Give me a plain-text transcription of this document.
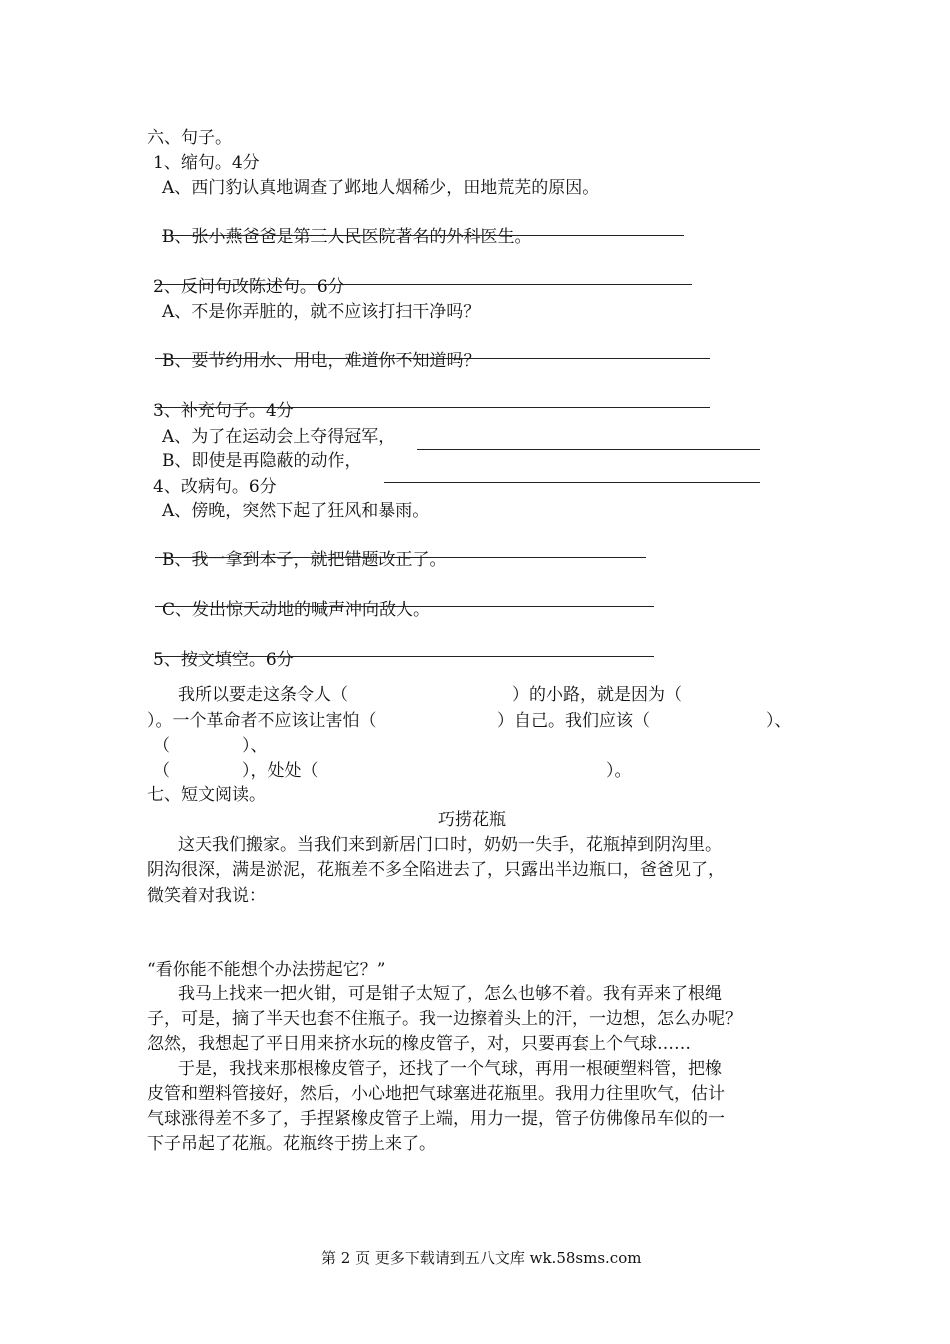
六、句子。
1、缩句。4分
A、西门豹认真地调查了邺地人烟稀少，田地荒芜的原因。
B、张小燕爸爸是第三人民医院著名的外科医生。
2、反问句改陈述句。6分
A、不是你弄脏的，就不应该打扫干净吗？
B、要节约用水、用电，难道你不知道吗？
3、补充句子。4分
A、为了在运动会上夺得冠军，
B、即使是再隐蔽的动作，
4、改病句。6分
A、傍晚，突然下起了狂风和暴雨。
B、我一拿到本子，就把错题改正了。
C、发出惊天动地的喊声冲向敌人。
5、按文填空。6分
我所以要走这条令人（	）的小路，就是因为（
）。一个革命者不应该让害怕（	）自己。我们应该（	）、
（	）、
（	），处处（	）。
七、短文阅读。
巧捞花瓶
这天我们搬家。当我们来到新居门口时，奶奶一失手，花瓶掉到阴沟里。
阴沟很深，满是淤泥，花瓶差不多全陷进去了，只露出半边瓶口，爸爸见了，
微笑着对我说：
“看你能不能想个办法捞起它？”
我马上找来一把火钳，可是钳子太短了，怎么也够不着。我有弄来了根绳
子，可是，摘了半天也套不住瓶子。我一边擦着头上的汗，一边想，怎么办呢？
忽然，我想起了平日用来挤水玩的橡皮管子，对，只要再套上个气球……
于是，我找来那根橡皮管子，还找了一个气球，再用一根硬塑料管，把橡
皮管和塑料管接好，然后，小心地把气球塞进花瓶里。我用力往里吹气，估计
气球涨得差不多了，手捏紧橡皮管子上端，用力一提，管子仿佛像吊车似的一
下子吊起了花瓶。花瓶终于捞上来了。
第 2 页 更多下载请到五八文库 wk.58sms.com
